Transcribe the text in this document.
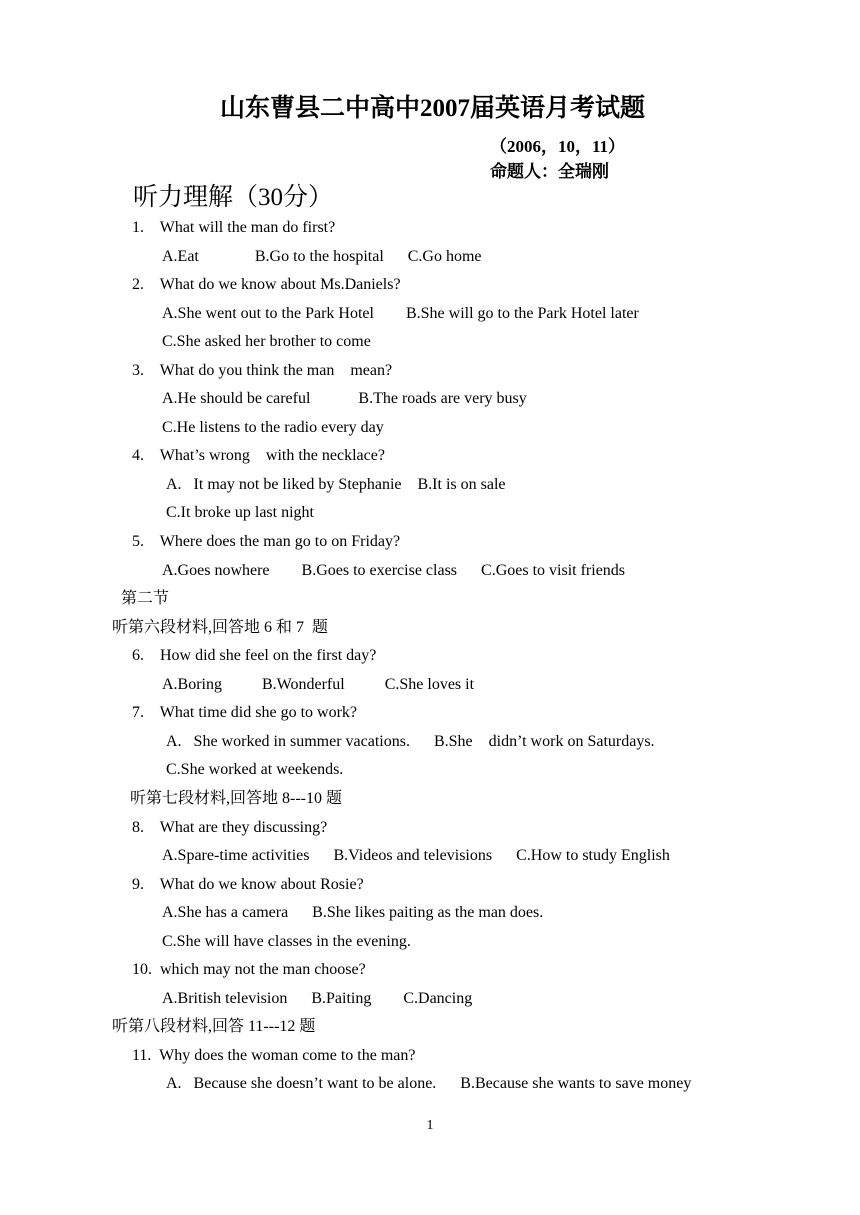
山东曹县二中高中2007届英语月考试题
（2006，10，11）
命题人：全瑞刚
听力理解（30分）
1.    What will the man do first?
A.Eat              B.Go to the hospital      C.Go home
2.    What do we know about Ms.Daniels?
A.She went out to the Park Hotel        B.She will go to the Park Hotel later
C.She asked her brother to come
3.    What do you think the man    mean?
A.He should be careful            B.The roads are very busy
C.He listens to the radio every day
4.    What’s wrong    with the necklace?
A.   It may not be liked by Stephanie    B.It is on sale
C.It broke up last night
5.    Where does the man go to on Friday?
A.Goes nowhere        B.Goes to exercise class      C.Goes to visit friends
第二节
听第六段材料,回答地 6 和 7  题
6.    How did she feel on the first day?
A.Boring          B.Wonderful          C.She loves it
7.    What time did she go to work?
A.   She worked in summer vacations.      B.She    didn’t work on Saturdays.
C.She worked at weekends.
听第七段材料,回答地 8---10 题
8.    What are they discussing?
A.Spare-time activities      B.Videos and televisions      C.How to study English
9.    What do we know about Rosie?
A.She has a camera      B.She likes paiting as the man does.
C.She will have classes in the evening.
10.  which may not the man choose?
A.British television      B.Paiting        C.Dancing
听第八段材料,回答 11---12 题
11.  Why does the woman come to the man?
A.   Because she doesn’t want to be alone.      B.Because she wants to save money
1
